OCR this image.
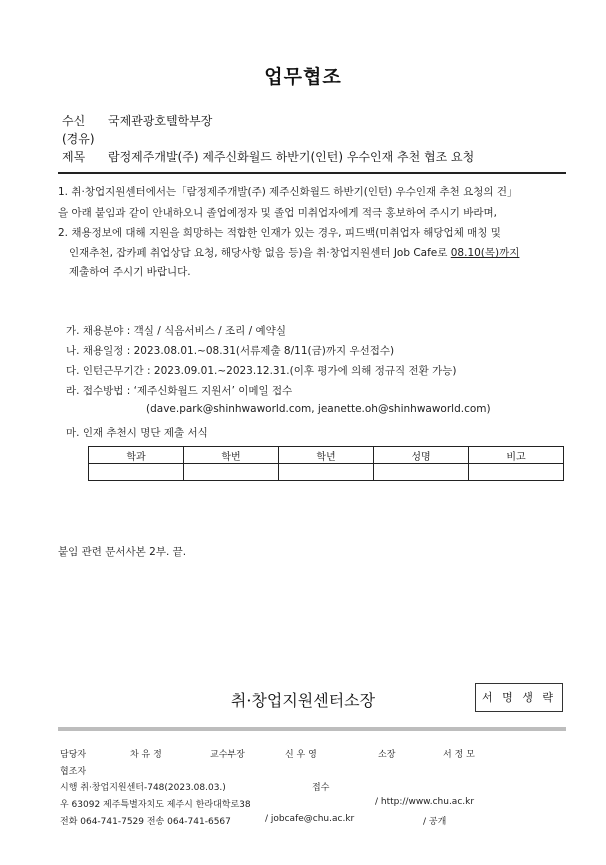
업무협조
수신 국제관광호텔학부장
(경유)
제목 람정제주개발(주) 제주신화월드 하반기(인턴) 우수인재 추천 협조 요청
1. 취·창업지원센터에서는「람정제주개발(주) 제주신화월드 하반기(인턴) 우수인재 추천 요청의 건」
을 아래 붙임과 같이 안내하오니 졸업예정자 및 졸업 미취업자에게 적극 홍보하여 주시기 바라며,
2. 채용정보에 대해 지원을 희망하는 적합한 인재가 있는 경우, 피드백(미취업자 해당업체 매칭 및
인재추천, 잡카페 취업상담 요청, 해당사항 없음 등)을 취·창업지원센터 Job Cafe로 08.10(목)까지
제출하여 주시기 바랍니다.
가. 채용분야 : 객실 / 식음서비스 / 조리 / 예약실
나. 채용일정 : 2023.08.01.~08.31(서류제출 8/11(금)까지 우선접수)
다. 인턴근무기간 : 2023.09.01.~2023.12.31.(이후 평가에 의해 정규직 전환 가능)
라. 접수방법 : ‘제주신화월드 지원서’ 이메일 접수
(dave.park@shinhwaworld.com, jeanette.oh@shinhwaworld.com)
마. 인재 추천시 명단 제출 서식
학과	학번	학년	성명	비고

붙임 관련 문서사본 2부. 끝.
취·창업지원센터소장	서 명 생 략
담당자	차 유 정	교수부장	신 우 영	소장	서 정 모
협조자
시행 취·창업지원센터-748(2023.08.03.)	접수
우 63092 제주특별자치도 제주시 한라대학로38	/ http://www.chu.ac.kr
전화 064-741-7529 전송 064-741-6567	/ jobcafe@chu.ac.kr	/ 공개
